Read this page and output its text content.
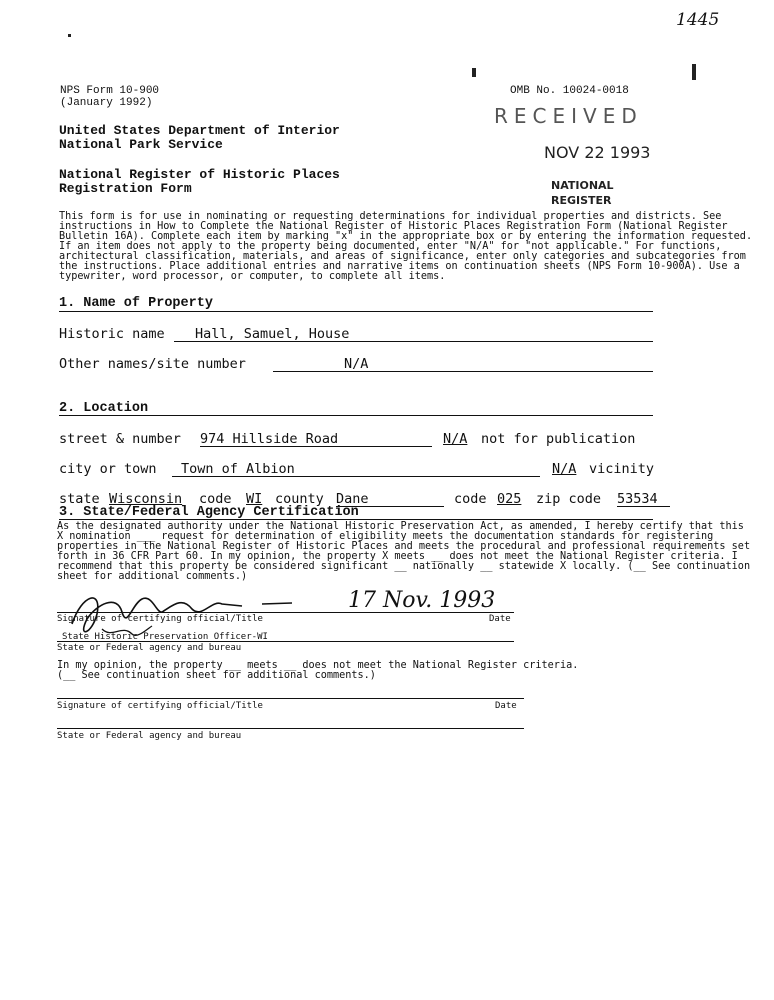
1445
NPS Form 10-900
(January 1992)
OMB No. 10024-0018
United States Department of Interior
National Park Service
National Register of Historic Places
Registration Form
RECEIVED
NOV 22 1993
NATIONAL
REGISTER
This form is for use in nominating or requesting determinations for individual properties and districts. See
instructions in How to Complete the National Register of Historic Places Registration Form (National Register
Bulletin 16A). Complete each item by marking "x" in the appropriate box or by entering the information requested.
If an item does not apply to the property being documented, enter "N/A" for "not applicable." For functions,
architectural classification, materials, and areas of significance, enter only categories and subcategories from
the instructions. Place additional entries and narrative items on continuation sheets (NPS Form 10-900A). Use a
typewriter, word processor, or computer, to complete all items.
1. Name of Property
Historic name Hall, Samuel, House
Other names/site number	N/A
2. Location
street & number 974 Hillside Road	N/A not for publication
city or town Town of Albion	N/A vicinity
state Wisconsin code WI county Dane	code 025 zip code 53534
3. State/Federal Agency Certification
As the designated authority under the National Historic Preservation Act, as amended, I hereby certify that this
X nomination ___ request for determination of eligibility meets the documentation standards for registering
properties in the National Register of Historic Places and meets the procedural and professional requirements set
forth in 36 CFR Part 60. In my opinion, the property X meets __ does not meet the National Register criteria. I
recommend that this property be considered significant __ nationally __ statewide X locally. (__ See continuation
sheet for additional comments.)
17 Nov. 1993
Signature of certifying official/Title	Date
State Historic Preservation Officer-WI
State or Federal agency and bureau
In my opinion, the property __ meets __ does not meet the National Register criteria.
(__ See continuation sheet for additional comments.)
Signature of certifying official/Title	Date
State or Federal agency and bureau
